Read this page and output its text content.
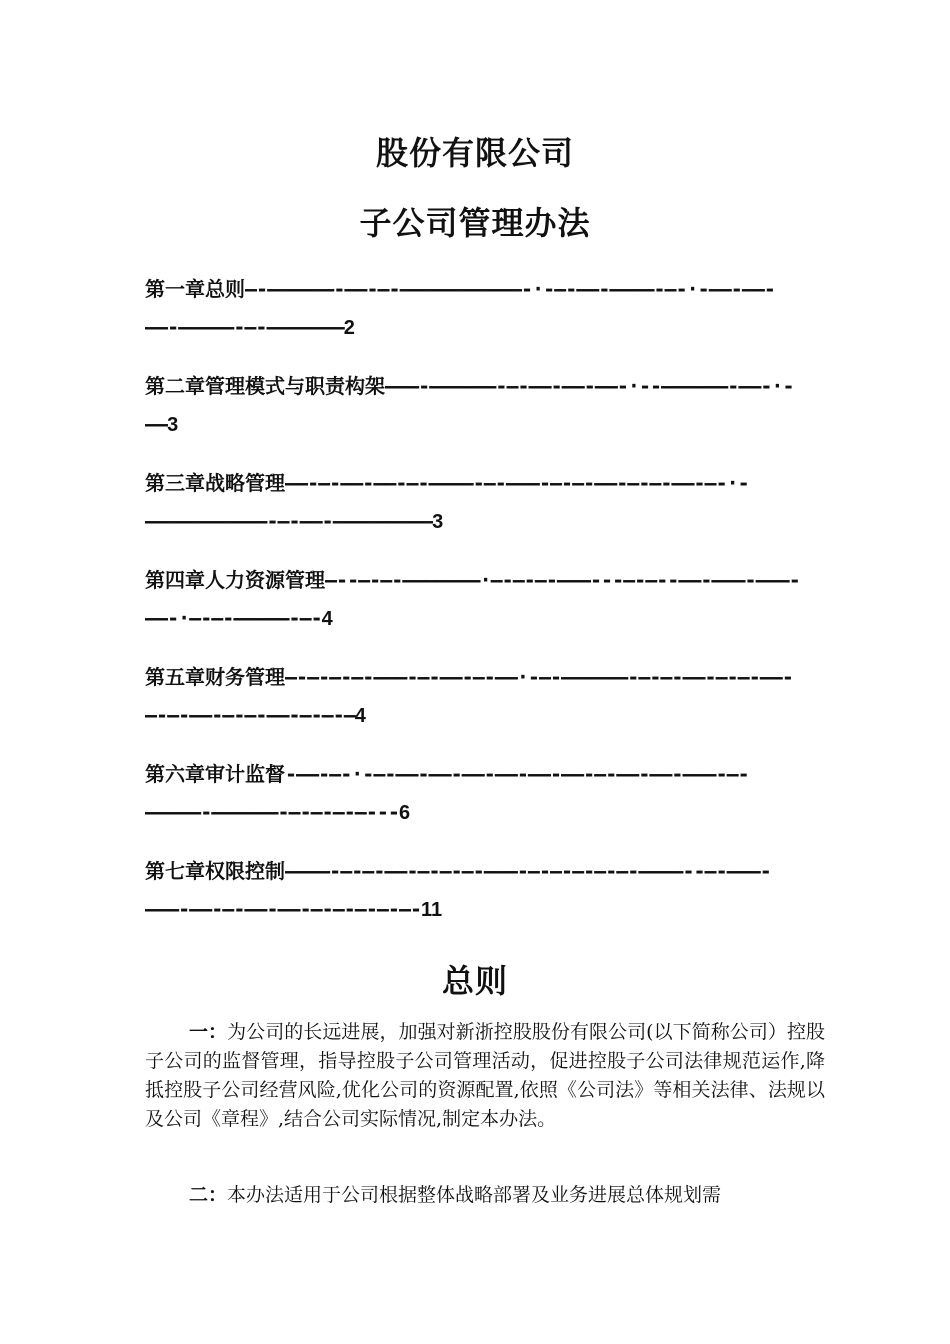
股份有限公司
子公司管理办法
第一章总则—-——————-——-—-———————————-·-—-——-————-—-·-——-——-——-—————-—-———————2
第二章管理模式与职责构架———-——————-—-——-——-——-·--——————-——-·-——3
第三章战略管理——-—-——-——-—-————-—-———-—-—-——-—-—-——-—-·-———————————-—-——-—————————3
第四章人力资源管理—--—-—-———————·—-—-—-———---—-—--——-———-———-——-·—-—-—————-—-4
第五章财务管理—-—-—-—-———-—-——-—-——·-—-——————-—-—-——-—-—-——-—-—-——-—-—-——-—-—-—4
第六章审计监督-——-—-·-—-——-——-——-——-——-——-—-——-——-———-—-—————-——————-—-—-—-—---6
第七章权限控制————-—-—-——-—-—-—-———-—-—-—-—-—-————--—-———-———-——-—-——-——-—-—-—-—-—-11
总则
一：为公司的长远进展，加强对新浙控股股份有限公司(以下简称公司）控股子公司的监督管理，指导控股子公司管理活动，促进控股子公司法律规范运作,降抵控股子公司经营风险,优化公司的资源配置,依照《公司法》等相关法律、法规以及公司《章程》,结合公司实际情况,制定本办法。
二：本办法适用于公司根据整体战略部署及业务进展总体规划需
